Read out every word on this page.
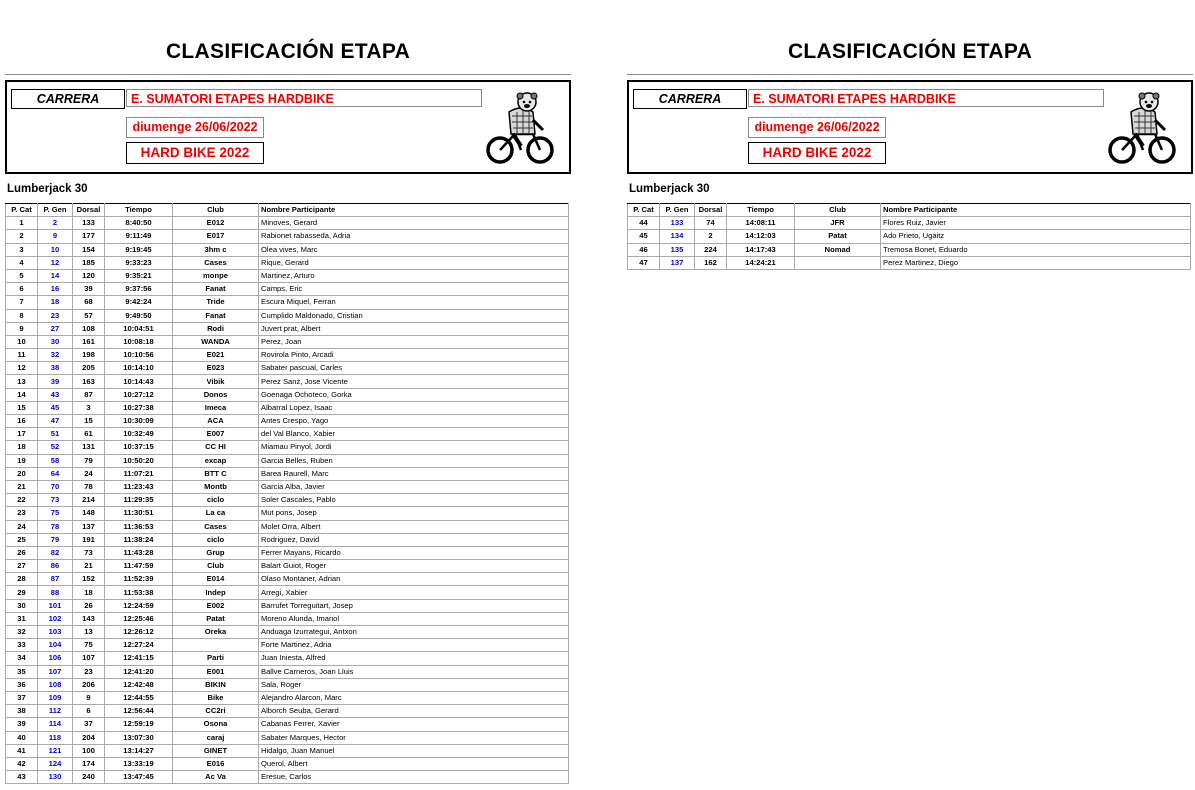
CLASIFICACIÓN ETAPA
CARRERA	E. SUMATORI ETAPES HARDBIKE
diumenge 26/06/2022
HARD BIKE 2022
Lumberjack 30
P. Cat	P. Gen	Dorsal	Tiempo	Club	Nombre Participante
1	2	133	8:40:50	E012	Minoves, Gerard
2	9	177	9:11:49	E017	Rabionet rabasseda, Adria
3	10	154	9:19:45	3hm c	Olea vives, Marc
4	12	185	9:33:23	Cases	Rique, Gerard
5	14	120	9:35:21	monpe	Martinez, Arturo
6	16	39	9:37:56	Fanat	Camps, Eric
7	18	68	9:42:24	Tride	Escura Miquel, Ferran
8	23	57	9:49:50	Fanat	Cumplido Maldonado, Cristian
9	27	108	10:04:51	Rodi	Juvert prat, Albert
10	30	161	10:08:18	WANDA	Perez, Joan
11	32	198	10:10:56	E021	Rovirola Pinto, Arcadi
12	38	205	10:14:10	E023	Sabater pascual, Carles
13	39	163	10:14:43	Vibik	Perez Sanz, Jose Vicente
14	43	87	10:27:12	Donos	Goenaga Ochoteco, Gorka
15	45	3	10:27:38	Imeca	Albarral Lopez, Isaac
16	47	15	10:30:09	ACA	Antes Crespo, Yago
17	51	61	10:32:49	E007	del Val Blanco, Xabier
18	52	131	10:37:15	CC HI	Miamau Pinyol, Jordi
19	58	79	10:50:20	excap	Garcia Belles, Ruben
20	64	24	11:07:21	BTT C	Barea Raurell, Marc
21	70	78	11:23:43	Montb	Garcia Alba, Javier
22	73	214	11:29:35	ciclo	Soler Cascales, Pablo
23	75	148	11:30:51	La ca	Mut pons, Josep
24	78	137	11:36:53	Cases	Molet Orra, Albert
25	79	191	11:38:24	ciclo	Rodriguez, David
26	82	73	11:43:28	Grup	Ferrer Mayans, Ricardo
27	86	21	11:47:59	Club	Balart Guiot, Roger
28	87	152	11:52:39	E014	Olaso Montaner, Adrian
29	88	18	11:53:38	Indep	Arregi, Xabier
30	101	26	12:24:59	E002	Barrufet Torreguitart, Josep
31	102	143	12:25:46	Patat	Moreno Alunda, Imanol
32	103	13	12:26:12	Oreka	Anduaga Izurrategui, Antxon
33	104	75	12:27:24		Forte Martinez, Adria
34	106	107	12:41:15	Parti	Juan Iniesta, Alfred
35	107	23	12:41:20	E001	Ballve Carneros, Joan Lluis
36	108	206	12:42:48	BIKIN	Sala, Roger
37	109	9	12:44:55	Bike	Alejandro Alarcon, Marc
38	112	6	12:56:44	CC2ri	Alborch Seuba, Gerard
39	114	37	12:59:19	Osona	Cabanas Ferrer, Xavier
40	118	204	13:07:30	caraj	Sabater Marques, Hector
41	121	100	13:14:27	GINET	Hidalgo, Juan Manuel
42	124	174	13:33:19	E016	Querol, Albert
43	130	240	13:47:45	Ac Va	Eresue, Carlos
CLASIFICACIÓN ETAPA
CARRERA	E. SUMATORI ETAPES HARDBIKE
diumenge 26/06/2022
HARD BIKE 2022
Lumberjack 30
P. Cat	P. Gen	Dorsal	Tiempo	Club	Nombre Participante
44	133	74	14:08:11	JFR	Flores Ruiz, Javier
45	134	2	14:12:03	Patat	Ado Prieto, Ugaitz
46	135	224	14:17:43	Nomad	Tremosa Bonet, Eduardo
47	137	162	14:24:21		Perez Martinez, Diego
